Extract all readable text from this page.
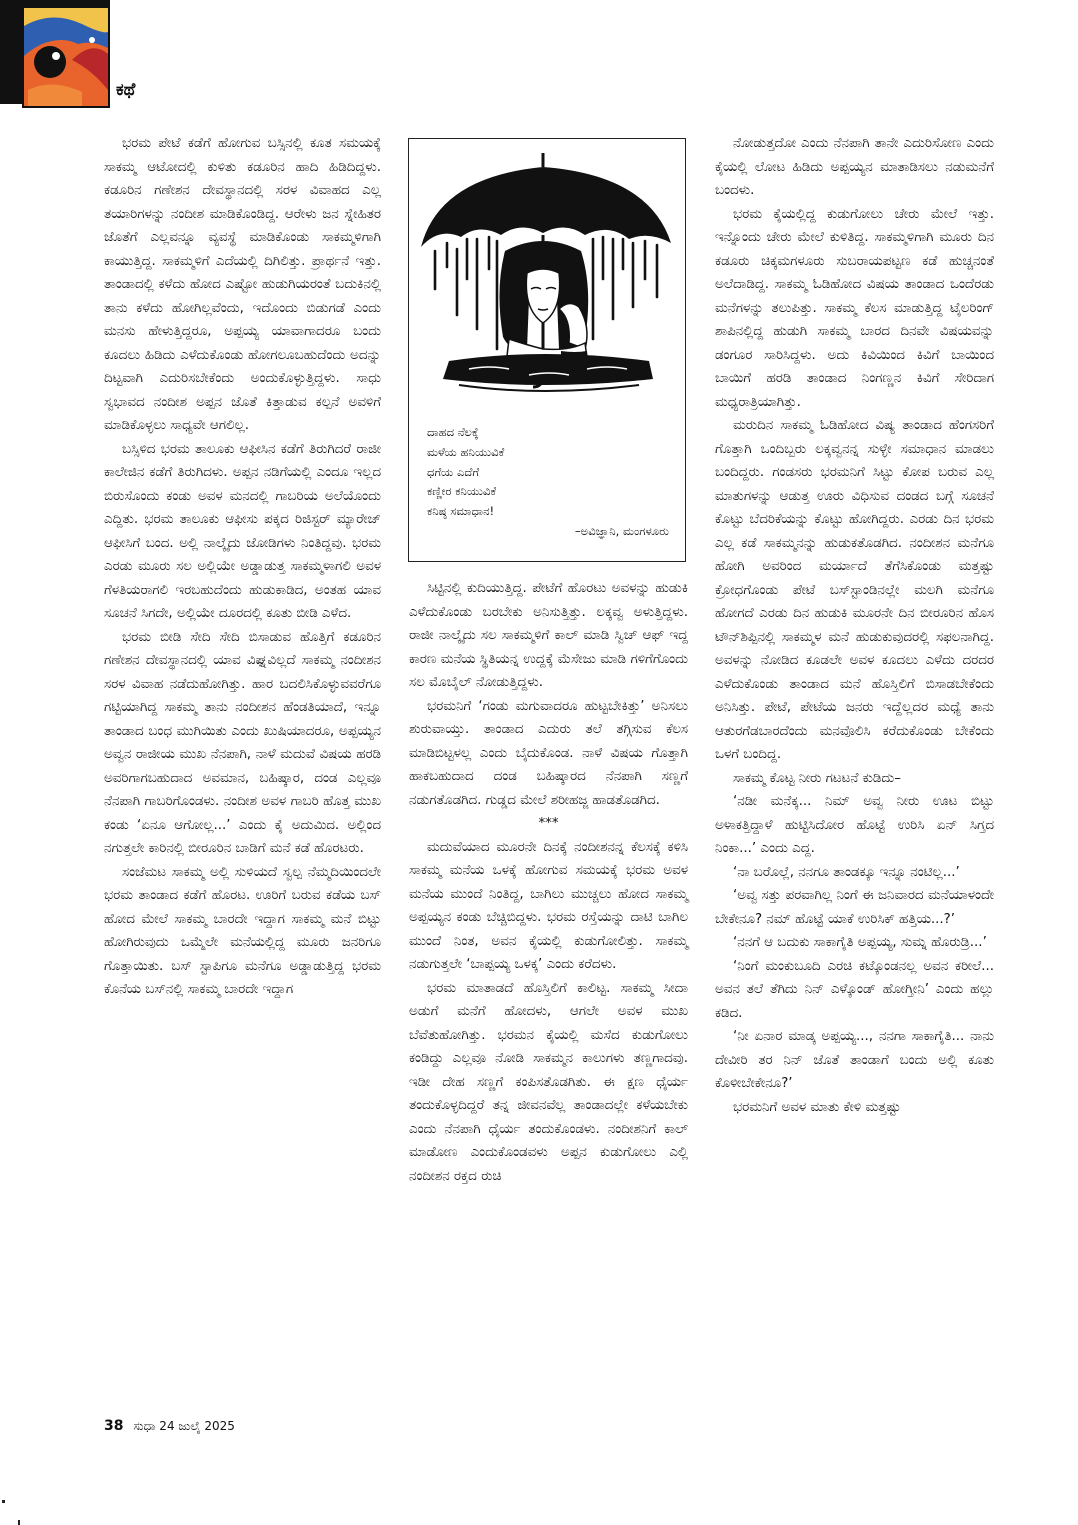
ಕಥೆ

ಭರಮ ಪೇಟೆ ಕಡೆಗೆ ಹೋಗುವ ಬಸ್ಸಿನಲ್ಲಿ ಕೂತ ಸಮಯಕ್ಕೆ ಸಾಕಮ್ಮ ಆಟೋದಲ್ಲಿ ಕುಳಿತು ಕಡೂರಿನ ಹಾದಿ ಹಿಡಿದಿದ್ದಳು. ಕಡೂರಿನ ಗಣೇಶನ ದೇವಸ್ಥಾನದಲ್ಲಿ ಸರಳ ವಿವಾಹದ ಎಲ್ಲ ತಯಾರಿಗಳನ್ನು ನಂದೀಶ ಮಾಡಿಕೊಂಡಿದ್ದ. ಆರೇಳು ಜನ ಸ್ನೇಹಿತರ ಜೊತೆಗೆ ಎಲ್ಲವನ್ನೂ ವ್ಯವಸ್ಥೆ ಮಾಡಿಕೊಂಡು ಸಾಕಮ್ಮಳಿಗಾಗಿ ಕಾಯುತ್ತಿದ್ದ. ಸಾಕಮ್ಮಳಿಗೆ ಎದೆಯಲ್ಲಿ ದಿಗಿಲಿತ್ತು. ಪ್ರಾರ್ಥನೆ ಇತ್ತು. ತಾಂಡಾದಲ್ಲಿ ಕಳೆದು ಹೋದ ಎಷ್ಟೋ ಹುಡುಗಿಯರಂತೆ ಬದುಕಿನಲ್ಲಿ ತಾನು ಕಳೆದು ಹೋಗಿಲ್ಲವೆಂದು, ಇದೊಂದು ಬಿಡುಗಡೆ ಎಂದು ಮನಸು ಹೇಳುತ್ತಿದ್ದರೂ, ಅಪ್ಪಯ್ಯ ಯಾವಾಗಾದರೂ ಬಂದು ಕೂದಲು ಹಿಡಿದು ಎಳೆದುಕೊಂಡು ಹೋಗಲೂಬಹುದೆಂದು ಅದನ್ನು ದಿಟ್ಟವಾಗಿ ಎದುರಿಸಬೇಕೆಂದು ಅಂದುಕೊಳ್ಳುತ್ತಿದ್ದಳು. ಸಾಧು ಸ್ವಭಾವದ ನಂದೀಶ ಅಪ್ಪನ ಜೊತೆ ಕಿತ್ತಾಡುವ ಕಲ್ಪನೆ ಅವಳಿಗೆ ಮಾಡಿಕೊಳ್ಳಲು ಸಾಧ್ಯವೇ ಆಗಲಿಲ್ಲ.

ಬಸ್ಸಿಳಿದ ಭರಮ ತಾಲೂಕು ಆಫೀಸಿನ ಕಡೆಗೆ ತಿರುಗಿದರೆ ರಾಜೀ ಕಾಲೇಜಿನ ಕಡೆಗೆ ತಿರುಗಿದಳು. ಅಪ್ಪನ ನಡಿಗೆಯಲ್ಲಿ ಎಂದೂ ಇಲ್ಲದ ಬಿರುಸೊಂದು ಕಂಡು ಅವಳ ಮನದಲ್ಲಿ ಗಾಬರಿಯ ಅಲೆಯೊಂದು ಎದ್ದಿತು. ಭರಮ ತಾಲೂಕು ಆಫೀಸು ಪಕ್ಕದ ರಿಜಿಸ್ಟರ್ ಮ್ಯಾರೇಜ್ ಆಫೀಸಿಗೆ ಬಂದ. ಅಲ್ಲಿ ನಾಲ್ಕೈದು ಜೋಡಿಗಳು ನಿಂತಿದ್ದವು. ಭರಮ ಎರಡು ಮೂರು ಸಲ ಅಲ್ಲಿಯೇ ಅಡ್ಡಾಡುತ್ತ ಸಾಕಮ್ಮಳಾಗಲಿ ಅವಳ ಗೆಳತಿಯರಾಗಲಿ ಇರಬಹುದೆಂದು ಹುಡುಕಾಡಿದ, ಅಂತಹ ಯಾವ ಸೂಚನೆ ಸಿಗದೇ, ಅಲ್ಲಿಯೇ ದೂರದಲ್ಲಿ ಕೂತು ಬೀಡಿ ಎಳೆದ.

ಭರಮ ಬೀಡಿ ಸೇದಿ ಸೇದಿ ಬಿಸಾಡುವ ಹೊತ್ತಿಗೆ ಕಡೂರಿನ ಗಣೇಶನ ದೇವಸ್ಥಾನದಲ್ಲಿ ಯಾವ ವಿಘ್ನವಿಲ್ಲದೆ ಸಾಕಮ್ಮ ನಂದೀಶನ ಸರಳ ವಿವಾಹ ನಡೆದುಹೋಗಿತ್ತು. ಹಾರ ಬದಲಿಸಿಕೊಳ್ಳುವವರೆಗೂ ಗಟ್ಟಿಯಾಗಿದ್ದ ಸಾಕಮ್ಮ ತಾನು ನಂದೀಶನ ಹೆಂಡತಿಯಾದೆ, ಇನ್ನೂ ತಾಂಡಾದ ಬಂಧ ಮುಗಿಯಿತು ಎಂದು ಖುಷಿಯಾದರೂ, ಅಪ್ಪಯ್ಯನ ಅವ್ವನ ರಾಜೀಯ ಮುಖ ನೆನಪಾಗಿ, ನಾಳೆ ಮದುವೆ ವಿಷಯ ಹರಡಿ ಅವರಿಗಾಗಬಹುದಾದ ಅವಮಾನ, ಬಹಿಷ್ಕಾರ, ದಂಡ ಎಲ್ಲವೂ ನೆನಪಾಗಿ ಗಾಬರಿಗೊಂಡಳು. ನಂದೀಶ ಅವಳ ಗಾಬರಿ ಹೊತ್ತ ಮುಖ ಕಂಡು ‘ಏನೂ ಆಗೋಲ್ಲ...’ ಎಂದು ಕೈ ಅದುಮಿದ. ಅಲ್ಲಿಂದ ನಗುತ್ತಲೇ ಕಾರಿನಲ್ಲಿ ಬೀರೂರಿನ ಬಾಡಿಗೆ ಮನೆ ಕಡೆ ಹೊರಟರು.

ಸಂಜೆಮಟ ಸಾಕಮ್ಮ ಅಲ್ಲಿ ಸುಳಿಯದೆ ಸ್ವಲ್ಪ ನೆಮ್ಮದಿಯಿಂದಲೇ ಭರಮ ತಾಂಡಾದ ಕಡೆಗೆ ಹೊರಟ. ಊರಿಗೆ ಬರುವ ಕಡೆಯ ಬಸ್ ಹೋದ ಮೇಲೆ ಸಾಕಮ್ಮ ಬಾರದೇ ಇದ್ದಾಗ ಸಾಕಮ್ಮ ಮನೆ ಬಿಟ್ಟು ಹೋಗಿರುವುದು ಒಮ್ಮೆಲೇ ಮನೆಯಲ್ಲಿದ್ದ ಮೂರು ಜನರಿಗೂ ಗೊತ್ತಾಯಿತು. ಬಸ್ ಸ್ಟಾಪಿಗೂ ಮನೆಗೂ ಅಡ್ಡಾಡುತ್ತಿದ್ದ ಭರಮ ಕೊನೆಯ ಬಸ್‌ನಲ್ಲಿ ಸಾಕಮ್ಮ ಬಾರದೇ ಇದ್ದಾಗ

ದಾಹದ ನೆಲಕ್ಕೆ
ಮಳೆಯ ಹನಿಯುವಿಕೆ
ಧಗೆಯ ಎದೆಗೆ
ಕಣ್ಣೀರ ಕನಿಯುವಿಕೆ
ಕನಿಷ್ಠ ಸಮಾಧಾನ!
–ಅವಿಜ್ಞಾನಿ, ಮಂಗಳೂರು

ಸಿಟ್ಟಿನಲ್ಲಿ ಕುದಿಯುತ್ತಿದ್ದ. ಪೇಟೆಗೆ ಹೊರಟು ಅವಳನ್ನು ಹುಡುಕಿ ಎಳೆದುಕೊಂಡು ಬರಬೇಕು ಅನಿಸುತ್ತಿತ್ತು. ಲಕ್ಕವ್ವ ಅಳುತ್ತಿದ್ದಳು. ರಾಜೀ ನಾಲ್ಕೈದು ಸಲ ಸಾಕಮ್ಮಳಿಗೆ ಕಾಲ್ ಮಾಡಿ ಸ್ವಿಚ್ ಆಫ್ ಇದ್ದ ಕಾರಣ ಮನೆಯ ಸ್ಥಿತಿಯನ್ನ ಉದ್ದಕ್ಕೆ ಮೆಸೇಜು ಮಾಡಿ ಗಳಿಗೆಗೊಂದು ಸಲ ಮೊಬೈಲ್ ನೋಡುತ್ತಿದ್ದಳು.

ಭರಮನಿಗೆ ‘ಗಂಡು ಮಗುವಾದರೂ ಹುಟ್ಟಬೇಕಿತ್ತು’ ಅನಿಸಲು ಶುರುವಾಯ್ತು. ತಾಂಡಾದ ಎದುರು ತಲೆ ತಗ್ಗಿಸುವ ಕೆಲಸ ಮಾಡಿಬಿಟ್ಟಳಲ್ಲ ಎಂದು ಬೈದುಕೊಂಡ. ನಾಳೆ ವಿಷಯ ಗೊತ್ತಾಗಿ ಹಾಕಬಹುದಾದ ದಂಡ ಬಹಿಷ್ಕಾರದ ನೆನಪಾಗಿ ಸಣ್ಣಗೆ ನಡುಗತೊಡಗಿದ. ಗುಡ್ಡದ ಮೇಲೆ ಶರೀಹಜ್ಜ ಹಾಡತೊಡಗಿದ.

***

ಮದುವೆಯಾದ ಮೂರನೇ ದಿನಕ್ಕೆ ನಂದೀಶನನ್ನ ಕೆಲಸಕ್ಕೆ ಕಳಿಸಿ ಸಾಕಮ್ಮ ಮನೆಯ ಒಳಕ್ಕೆ ಹೋಗುವ ಸಮಯಕ್ಕೆ ಭರಮ ಅವಳ ಮನೆಯ ಮುಂದೆ ನಿಂತಿದ್ದ, ಬಾಗಿಲು ಮುಚ್ಚಲು ಹೋದ ಸಾಕಮ್ಮ ಅಪ್ಪಯ್ಯನ ಕಂಡು ಬೆಚ್ಚಿಬಿದ್ದಳು. ಭರಮ ರಸ್ತೆಯನ್ನು ದಾಟಿ ಬಾಗಿಲ ಮುಂದೆ ನಿಂತ, ಅವನ ಕೈಯಲ್ಲಿ ಕುಡುಗೋಲಿತ್ತು. ಸಾಕಮ್ಮ ನಡುಗುತ್ತಲೇ ‘ಬಾಪ್ಪಯ್ಯ ಒಳಕ್ಕ’ ಎಂದು ಕರೆದಳು.

ಭರಮ ಮಾತಾಡದೆ ಹೊಸ್ತಿಲಿಗೆ ಕಾಲಿಟ್ಟ. ಸಾಕಮ್ಮ ಸೀದಾ ಅಡುಗೆ ಮನೆಗೆ ಹೋದಳು, ಆಗಲೇ ಅವಳ ಮುಖ ಬೆವೆತುಹೋಗಿತ್ತು. ಭರಮನ ಕೈಯಲ್ಲಿ ಮಸೆದ ಕುಡುಗೋಲು ಕಂಡಿದ್ದು ಎಲ್ಲವೂ ನೋಡಿ ಸಾಕಮ್ಮನ ಕಾಲುಗಳು ತಣ್ಣಗಾದವು. ಇಡೀ ದೇಹ ಸಣ್ಣಗೆ ಕಂಪಿಸತೊಡಗಿತು. ಈ ಕ್ಷಣ ಧೈರ್ಯ ತಂದುಕೊಳ್ಳದಿದ್ದರೆ ತನ್ನ ಜೀವನವೆಲ್ಲ ತಾಂಡಾದಲ್ಲೇ ಕಳೆಯಬೇಕು ಎಂದು ನೆನಪಾಗಿ ಧೈರ್ಯ ತಂದುಕೊಂಡಳು. ನಂದೀಶನಿಗೆ ಕಾಲ್ ಮಾಡೋಣ ಎಂದುಕೊಂಡವಳು ಅಪ್ಪನ ಕುಡುಗೋಲು ಎಲ್ಲಿ ನಂದೀಶನ ರಕ್ತದ ರುಚಿ

ನೋಡುತ್ತದೋ ಎಂದು ನೆನಪಾಗಿ ತಾನೇ ಎದುರಿಸೋಣ ಎಂದು ಕೈಯಲ್ಲಿ ಲೋಟ ಹಿಡಿದು ಅಪ್ಪಯ್ಯನ ಮಾತಾಡಿಸಲು ನಡುಮನೆಗೆ ಬಂದಳು.

ಭರಮ ಕೈಯಲ್ಲಿದ್ದ ಕುಡುಗೋಲು ಚೇರು ಮೇಲೆ ಇತ್ತು. ಇನ್ನೊಂದು ಚೇರು ಮೇಲೆ ಕುಳಿತಿದ್ದ. ಸಾಕಮ್ಮಳಿಗಾಗಿ ಮೂರು ದಿನ ಕಡೂರು ಚಿಕ್ಕಮಗಳೂರು ಸುಬರಾಯಪಟ್ಟಣ ಕಡೆ ಹುಚ್ಚನಂತೆ ಅಲೆದಾಡಿದ್ದ. ಸಾಕಮ್ಮ ಓಡಿಹೋದ ವಿಷಯ ತಾಂಡಾದ ಒಂದೆರಡು ಮನೆಗಳನ್ನು ತಲುಪಿತ್ತು. ಸಾಕಮ್ಮ ಕೆಲಸ ಮಾಡುತ್ತಿದ್ದ ಟೈಲರಿಂಗ್ ಶಾಪಿನಲ್ಲಿದ್ದ ಹುಡುಗಿ ಸಾಕಮ್ಮ ಬಾರದ ದಿನವೇ ವಿಷಯವನ್ನು ಡಂಗೂರ ಸಾರಿಸಿದ್ದಳು. ಅದು ಕಿವಿಯಿಂದ ಕಿವಿಗೆ ಬಾಯಿಂದ ಬಾಯಿಗೆ ಹರಡಿ ತಾಂಡಾದ ನಿಂಗಣ್ಣನ ಕಿವಿಗೆ ಸೇರಿದಾಗ ಮಧ್ಯರಾತ್ರಿಯಾಗಿತ್ತು.

ಮರುದಿನ ಸಾಕಮ್ಮ ಓಡಿಹೋದ ವಿಷ್ಯ ತಾಂಡಾದ ಹೆಂಗಸರಿಗೆ ಗೊತ್ತಾಗಿ ಒಂದಿಬ್ಬರು ಲಕ್ಕವ್ವನನ್ನ ಸುಳ್ಳೇ ಸಮಾಧಾನ ಮಾಡಲು ಬಂದಿದ್ದರು. ಗಂಡಸರು ಭರಮನಿಗೆ ಸಿಟ್ಟು ಕೋಪ ಬರುವ ಎಲ್ಲ ಮಾತುಗಳನ್ನು ಆಡುತ್ತ ಊರು ವಿಧಿಸುವ ದಂಡದ ಬಗ್ಗೆ ಸೂಚನೆ ಕೊಟ್ಟು ಬೆದರಿಕೆಯನ್ನು ಕೊಟ್ಟು ಹೋಗಿದ್ದರು. ಎರಡು ದಿನ ಭರಮ ಎಲ್ಲ ಕಡೆ ಸಾಕಮ್ಮನನ್ನು ಹುಡುಕತೊಡಗಿದ. ನಂದೀಶನ ಮನೆಗೂ ಹೋಗಿ ಅವರಿಂದ ಮರ್ಯಾದೆ ತೆಗೆಸಿಕೊಂಡು ಮತ್ತಷ್ಟು ಕ್ರೋಧಗೊಂಡು ಪೇಟೆ ಬಸ್‌ಸ್ಟಾಂಡಿನಲ್ಲೇ ಮಲಗಿ ಮನೆಗೂ ಹೋಗದೆ ಎರಡು ದಿನ ಹುಡುಕಿ ಮೂರನೇ ದಿನ ಬೀರೂರಿನ ಹೊಸ ಟೌನ್‌ಶಿಪ್ಪಿನಲ್ಲಿ ಸಾಕಮ್ಮಳ ಮನೆ ಹುಡುಕುವುದರಲ್ಲಿ ಸಫಲನಾಗಿದ್ದ. ಅವಳನ್ನು ನೋಡಿದ ಕೂಡಲೇ ಅವಳ ಕೂದಲು ಎಳೆದು ದರದರ ಎಳೆದುಕೊಂಡು ತಾಂಡಾದ ಮನೆ ಹೊಸ್ತಿಲಿಗೆ ಬಿಸಾಡಬೇಕೆಂದು ಅನಿಸಿತ್ತು. ಪೇಟೆ, ಪೇಟೆಯ ಜನರು ಇದ್ದೆಲ್ಲದರ ಮಧ್ಯೆ ತಾನು ಆತುರಗೆಡಬಾರದೆಂದು ಮನವೊಲಿಸಿ ಕರೆದುಕೊಂಡು ಬೇಕೆಂದು ಒಳಗೆ ಬಂದಿದ್ದ.

ಸಾಕಮ್ಮ ಕೊಟ್ಟ ನೀರು ಗಟಟನೆ ಕುಡಿದು–

‘ನಡೀ ಮನೆಕ್ಕ... ನಿಮ್ ಅವ್ವ ನೀರು ಊಟ ಬಿಟ್ಟು ಅಳಾಕತ್ತಿದ್ದಾಳೆ ಹುಟ್ಟಿಸಿದೋರ ಹೊಟ್ಟೆ ಉರಿಸಿ ಏನ್ ಸಿಗ್ತದ ನಿಂಕಾ...’ ಎಂದು ಎದ್ದ.

‘ನಾ ಬರೊಲ್ಲೆ, ನನಗೂ ತಾಂಡಕ್ಕೂ ಇನ್ನೂ ನಂಟಿಲ್ಲ...’

‘ಅವ್ವ ಸತ್ತು ಪರವಾಗಿಲ್ಲ ನಿಂಗೆ ಈ ಜನಿವಾರದ ಮನೆಯಾಳಂದೇ ಬೇಕೇನೂ? ನಮ್ ಹೊಟ್ಟೆ ಯಾಕೆ ಉರಿಸಿಕ್ ಹತ್ತಿಯ...?’

‘ನನಗೆ ಆ ಬದುಕು ಸಾಕಾಗೈತಿ ಅಪ್ಪಯ್ಯ, ಸುಮ್ನ ಹೊರುಡ್ರಿ...’

‘ನಿಂಗೆ ಮಂಕುಬೂದಿ ಎರಚಿ ಕಟ್ಕೊಂಡನಲ್ಲ ಅವನ ಕರೀಲೆ... ಅವನ ತಲೆ ತೆಗಿದು ನಿನ್ ಎಳ್ಕೊಂಡ್ ಹೋಗ್ತೀನಿ’ ಎಂದು ಹಲ್ಲು ಕಡಿದ.

‘ನೀ ಏನಾರ ಮಾಡ್ಕ ಅಪ್ಪಯ್ಯ..., ನನಗಾ ಸಾಕಾಗೈತಿ... ನಾನು ದೇವೀರಿ ತರ ನಿನ್ ಜೊತೆ ತಾಂಡಾಗೆ ಬಂದು ಅಲ್ಲಿ ಕೂತು ಕೊಳೀಬೇಕೇನೂ?’

ಭರಮನಿಗೆ ಅವಳ ಮಾತು ಕೇಳಿ ಮತ್ತಷ್ಟು

38 ಸುಧಾ 24 ಜುಲೈ 2025
